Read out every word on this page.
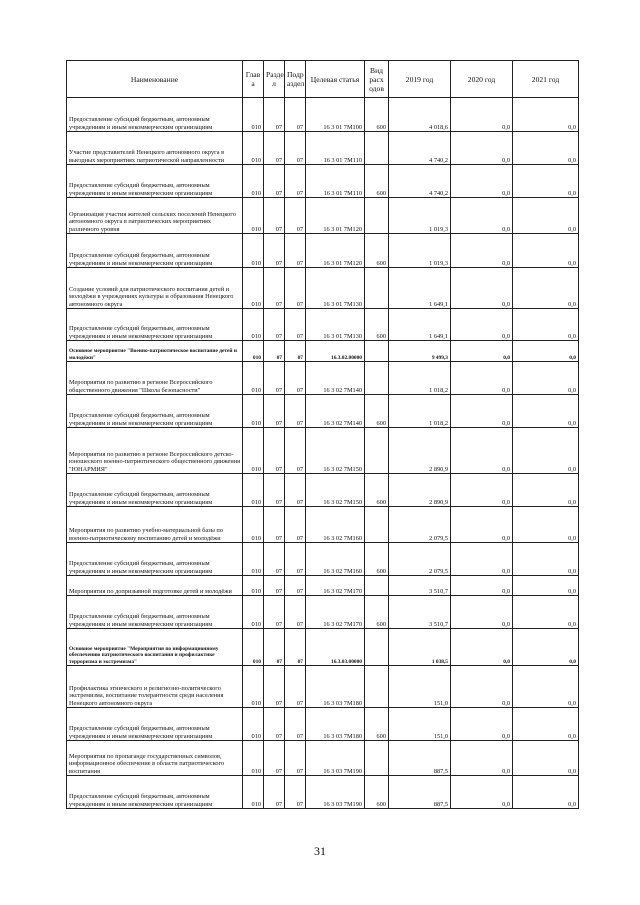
Наименование	Глав а	Разде л	Подр аздел	Целевая статья	Вид расх одов	2019 год	2020 год	2021 год
Предоставление субсидий бюджетным, автономным учреждениям и иным некоммерческим организациям	010	07	07	16 3 01 7М100	600	4 018,6	0,0	0,0
Участие представителей Ненецкого автономного округа в выездных мероприятиях патриотической направленности	010	07	07	16 3 01 7М110		4 740,2	0,0	0,0
Предоставление субсидий бюджетным, автономным учреждениям и иным некоммерческим организациям	010	07	07	16 3 01 7М110	600	4 740,2	0,0	0,0
Организация участия жителей сельских поселений Ненецкого автономного округа в патриотических мероприятиях различного уровня	010	07	07	16 3 01 7М120		1 019,3	0,0	0,0
Предоставление субсидий бюджетным, автономным учреждениям и иным некоммерческим организациям	010	07	07	16 3 01 7М120	600	1 019,3	0,0	0,0
Создание условий для патриотического воспитания детей и молодёжи в учреждениях культуры и образования Ненецкого автономного округа	010	07	07	16 3 01 7М130		1 649,1	0,0	0,0
Предоставление субсидий бюджетным, автономным учреждениям и иным некоммерческим организациям	010	07	07	16 3 01 7М130	600	1 649,1	0,0	0,0
Основное мероприятие "Военно-патриотическое воспитание детей и молодёжи"	010	07	07	16.3.02.00000		9 499,3	0,0	0,0
Мероприятия по развитию в регионе Всероссийского общественного движения "Школа безопасности"	010	07	07	16 3 02 7М140		1 018,2	0,0	0,0
Предоставление субсидий бюджетным, автономным учреждениям и иным некоммерческим организациям	010	07	07	16 3 02 7М140	600	1 018,2	0,0	0,0
Мероприятия по развитию в регионе Всероссийского детско-юношеского военно-патриотического общественного движения "ЮНАРМИЯ"	010	07	07	16 3 02 7М150		2 890,9	0,0	0,0
Предоставление субсидий бюджетным, автономным учреждениям и иным некоммерческим организациям	010	07	07	16 3 02 7М150	600	2 890,9	0,0	0,0
Мероприятия по развитию учебно-материальной базы по военно-патриотическому воспитанию детей и молодёжи	010	07	07	16 3 02 7М160		2 079,5	0,0	0,0
Предоставление субсидий бюджетным, автономным учреждениям и иным некоммерческим организациям	010	07	07	16 3 02 7М160	600	2 079,5	0,0	0,0
Мероприятия по допризывной подготовке детей и молодёжи	010	07	07	16 3 02 7М170		3 510,7	0,0	0,0
Предоставление субсидий бюджетным, автономным учреждениям и иным некоммерческим организациям	010	07	07	16 3 02 7М170	600	3 510,7	0,0	0,0
Основное мероприятие "Мероприятия по информационному обеспечению патриотического воспитания и профилактике терроризма и экстремизма"	010	07	07	16.3.03.00000		1 038,5	0,0	0,0
Профилактика этнического и религиозно-политического экстремизма, воспитание толерантности среди населения Ненецкого автономного округа	010	07	07	16 3 03 7М180		151,0	0,0	0,0
Предоставление субсидий бюджетным, автономным учреждениям и иным некоммерческим организациям	010	07	07	16 3 03 7М180	600	151,0	0,0	0,0
Мероприятия по пропаганде государственных символов, информационное обеспечение в области патриотического воспитания	010	07	07	16 3 03 7М190		887,5	0,0	0,0
Предоставление субсидий бюджетным, автономным учреждениям и иным некоммерческим организациям	010	07	07	16 3 03 7М190	600	887,5	0,0	0,0
31
